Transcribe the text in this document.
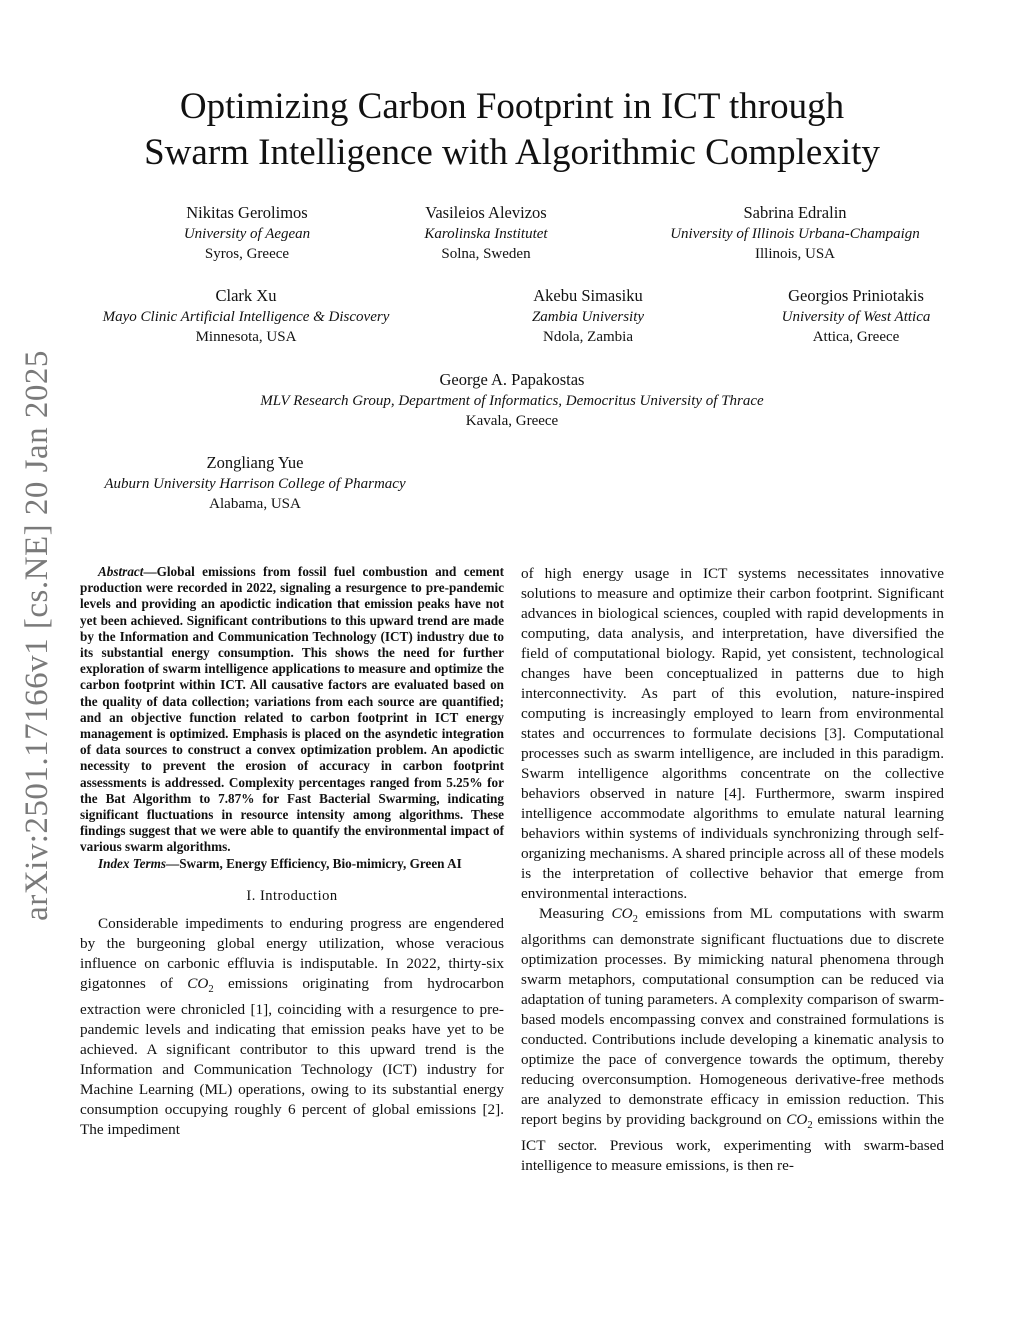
arXiv:2501.17166v1 [cs.NE] 20 Jan 2025
Optimizing Carbon Footprint in ICT through
Swarm Intelligence with Algorithmic Complexity
Nikitas Gerolimos
University of Aegean
Syros, Greece
Vasileios Alevizos
Karolinska Institutet
Solna, Sweden
Sabrina Edralin
University of Illinois Urbana-Champaign
Illinois, USA
Clark Xu
Mayo Clinic Artificial Intelligence & Discovery
Minnesota, USA
Akebu Simasiku
Zambia University
Ndola, Zambia
Georgios Priniotakis
University of West Attica
Attica, Greece
George A. Papakostas
MLV Research Group, Department of Informatics, Democritus University of Thrace
Kavala, Greece
Zongliang Yue
Auburn University Harrison College of Pharmacy
Alabama, USA

Abstract—Global emissions from fossil fuel combustion and cement production were recorded in 2022, signaling a resurgence to pre-pandemic levels and providing an apodictic indication that emission peaks have not yet been achieved. Significant contributions to this upward trend are made by the Information and Communication Technology (ICT) industry due to its substantial energy consumption. This shows the need for further exploration of swarm intelligence applications to measure and optimize the carbon footprint within ICT. All causative factors are evaluated based on the quality of data collection; variations from each source are quantified; and an objective function related to carbon footprint in ICT energy management is optimized. Emphasis is placed on the asyndetic integration of data sources to construct a convex optimization problem. An apodictic necessity to prevent the erosion of accuracy in carbon footprint assessments is addressed. Complexity percentages ranged from 5.25% for the Bat Algorithm to 7.87% for Fast Bacterial Swarming, indicating significant fluctuations in resource intensity among algorithms. These findings suggest that we were able to quantify the environmental impact of various swarm algorithms.

Index Terms—Swarm, Energy Efficiency, Bio-mimicry, Green AI

I. Introduction

Considerable impediments to enduring progress are engendered by the burgeoning global energy utilization, whose veracious influence on carbonic effluvia is indisputable. In 2022, thirty-six gigatonnes of $CO_2$ emissions originating from hydrocarbon extraction were chronicled [1], coinciding with a resurgence to pre-pandemic levels and indicating that emission peaks have yet to be achieved. A significant contributor to this upward trend is the Information and Communication Technology (ICT) industry for Machine Learning (ML) operations, owing to its substantial energy consumption occupying roughly 6 percent of global emissions [2]. The impediment

of high energy usage in ICT systems necessitates innovative solutions to measure and optimize their carbon footprint. Significant advances in biological sciences, coupled with rapid developments in computing, data analysis, and interpretation, have diversified the field of computational biology. Rapid, yet consistent, technological changes have been conceptualized in patterns due to high interconnectivity. As part of this evolution, nature-inspired computing is increasingly employed to learn from environmental states and occurrences to formulate decisions [3]. Computational processes such as swarm intelligence, are included in this paradigm. Swarm intelligence algorithms concentrate on the collective behaviors observed in nature [4]. Furthermore, swarm inspired intelligence accommodate algorithms to emulate natural learning behaviors within systems of individuals synchronizing through self-organizing mechanisms. A shared principle across all of these models is the interpretation of collective behavior that emerge from environmental interactions.

Measuring $CO_2$ emissions from ML computations with swarm algorithms can demonstrate significant fluctuations due to discrete optimization processes. By mimicking natural phenomena through swarm metaphors, computational consumption can be reduced via adaptation of tuning parameters. A complexity comparison of swarm-based models encompassing convex and constrained formulations is conducted. Contributions include developing a kinematic analysis to optimize the pace of convergence towards the optimum, thereby reducing overconsumption. Homogeneous derivative-free methods are analyzed to demonstrate efficacy in emission reduction. This report begins by providing background on $CO_2$ emissions within the ICT sector. Previous work, experimenting with swarm-based intelligence to measure emissions, is then re-
